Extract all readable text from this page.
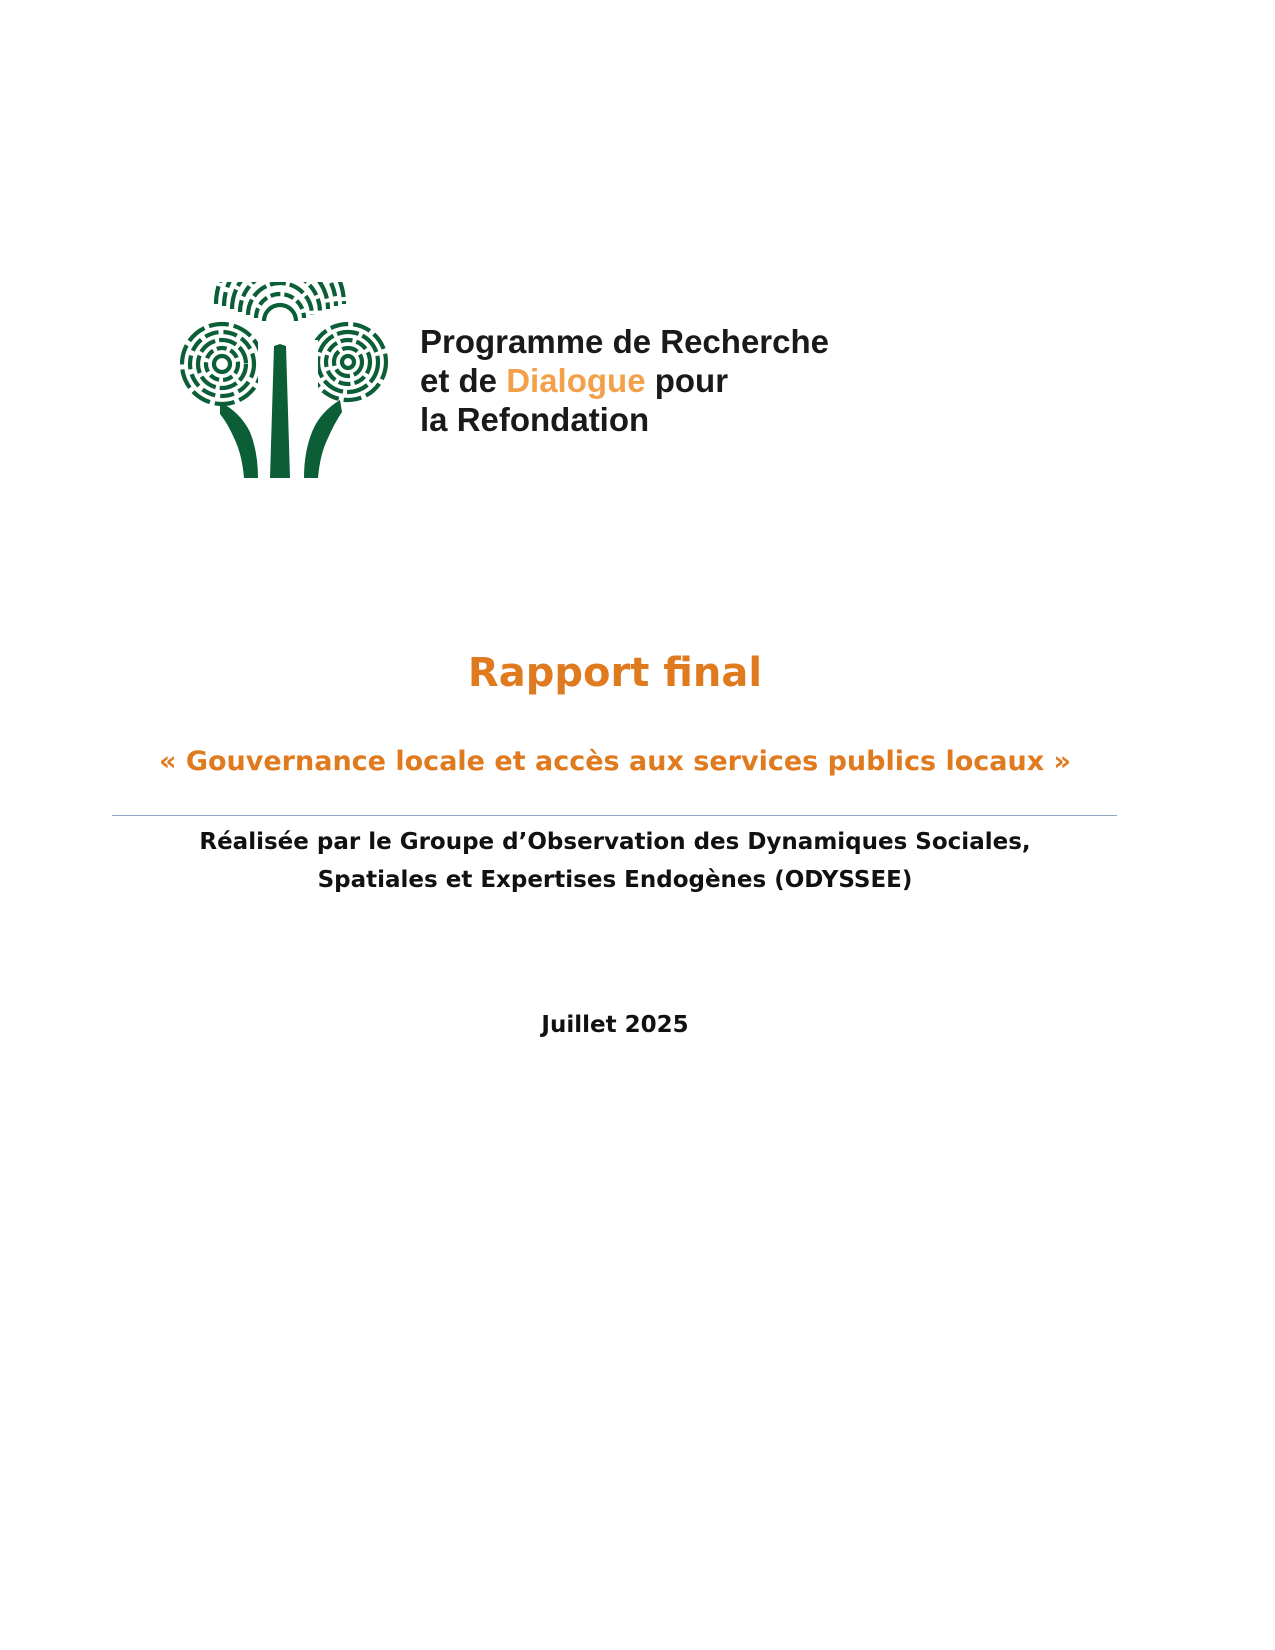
Programme de Recherche
et de Dialogue pour
la Refondation
Rapport final
« Gouvernance locale et accès aux services publics locaux »
Réalisée par le Groupe d’Observation des Dynamiques Sociales,
Spatiales et Expertises Endogènes (ODYSSEE)
Juillet 2025
